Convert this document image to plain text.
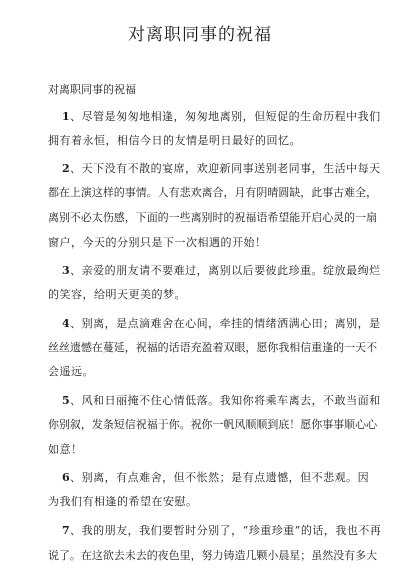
对离职同事的祝福
对离职同事的祝福
1、尽管是匆匆地相逢，匆匆地离别，但短促的生命历程中我们
拥有着永恒，相信今日的友情是明日最好的回忆。
2、天下没有不散的宴席，欢迎新同事送别老同事，生活中每天
都在上演这样的事情。人有悲欢离合，月有阴晴圆缺，此事古难全，
离别不必太伤感，下面的一些离别时的祝福语希望能开启心灵的一扇
窗户，今天的分别只是下一次相遇的开始！
3、亲爱的朋友请不要难过，离别以后要彼此珍重。绽放最绚烂
的笑容，给明天更美的梦。
4、别离，是点滴难舍在心间，牵挂的情绪洒满心田；离别，是
丝丝遗憾在蔓延，祝福的话语充盈着双眼，愿你我相信重逢的一天不
会遥远。
5、风和日丽掩不住心情低落。我知你将乘车离去，不敢当面和
你别叙，发条短信祝福于你。祝你一帆风顺顺到底！愿你事事顺心心
如意！
6、别离，有点难舍，但不怅然；是有点遗憾，但不悲观。因
为我们有相逢的希望在安慰。
7、我的朋友，我们要暂时分别了，“珍重珍重”的话，我也不再
说了。在这欲去未去的夜色里，努力铸造几颗小晨星；虽然没有多大
